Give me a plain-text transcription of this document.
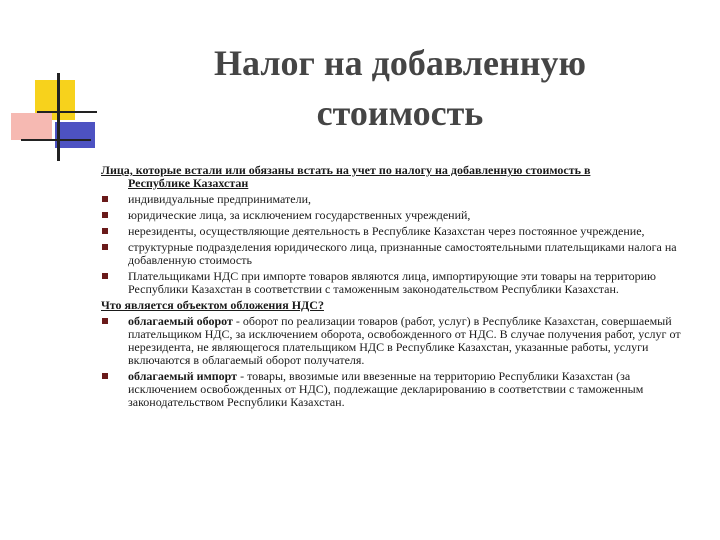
Налог на добавленную
стоимость

Лица, которые встали или обязаны встать на учет по налогу на добавленную стоимость в
Республике Казахстан

индивидуальные предприниматели,
юридические лица, за исключением государственных учреждений,
нерезиденты, осуществляющие деятельность в Республике Казахстан через постоянное учреждение,
структурные подразделения юридического лица, признанные самостоятельными плательщиками налога на добавленную стоимость
Плательщиками НДС при импорте товаров являются лица, импортирующие эти товары на территорию Республики Казахстан в соответствии с таможенным законодательством Республики Казахстан.

Что является объектом обложения НДС?

облагаемый оборот - оборот по реализации товаров (работ, услуг) в Республике Казахстан, совершаемый плательщиком НДС, за исключением оборота, освобожденного от НДС. В случае получения работ, услуг от нерезидента, не являющегося плательщиком НДС в Республике Казахстан, указанные работы, услуги включаются в облагаемый оборот получателя.
облагаемый импорт - товары, ввозимые или ввезенные на территорию Республики Казахстан (за исключением освобожденных от НДС), подлежащие декларированию в соответствии с таможенным законодательством Республики Казахстан.
